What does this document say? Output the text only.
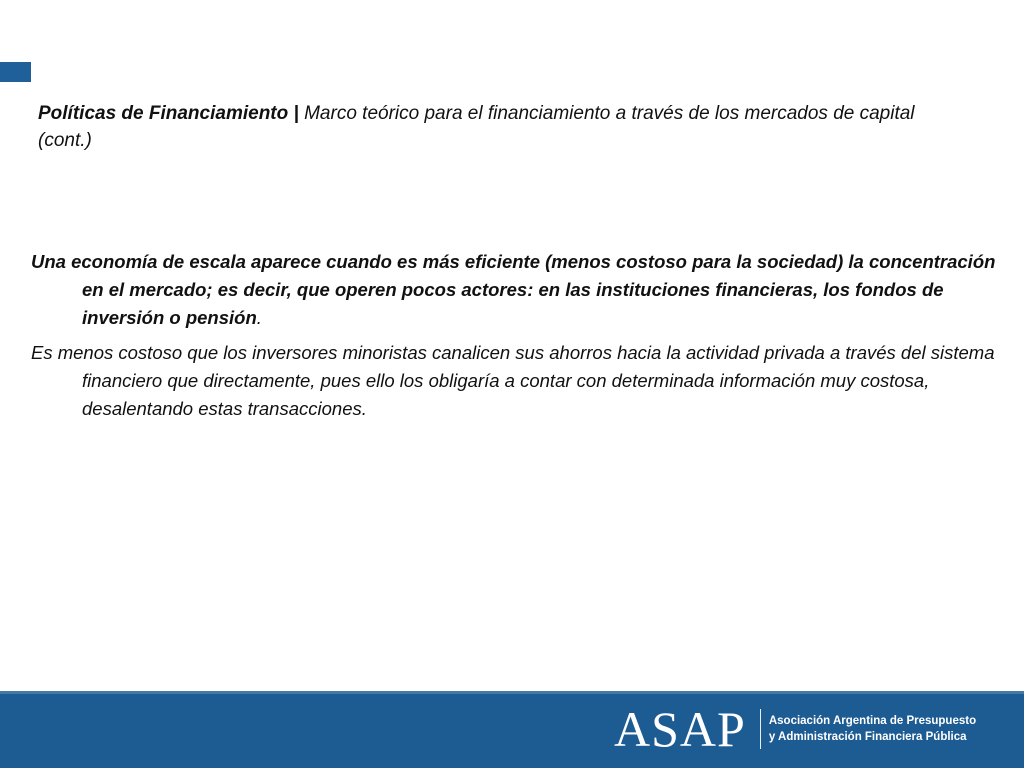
Políticas de Financiamiento | Marco teórico para el financiamiento a través de los mercados de capital (cont.)

Una economía de escala aparece cuando es más eficiente (menos costoso para la sociedad) la concentración en el mercado; es decir, que operen pocos actores: en las instituciones financieras, los fondos de inversión o pensión.

Es menos costoso que los inversores minoristas canalicen sus ahorros hacia la actividad privada a través del sistema financiero que directamente, pues ello los obligaría a contar con determinada información muy costosa, desalentando estas transacciones.

ASAP Asociación Argentina de Presupuesto
y Administración Financiera Pública
